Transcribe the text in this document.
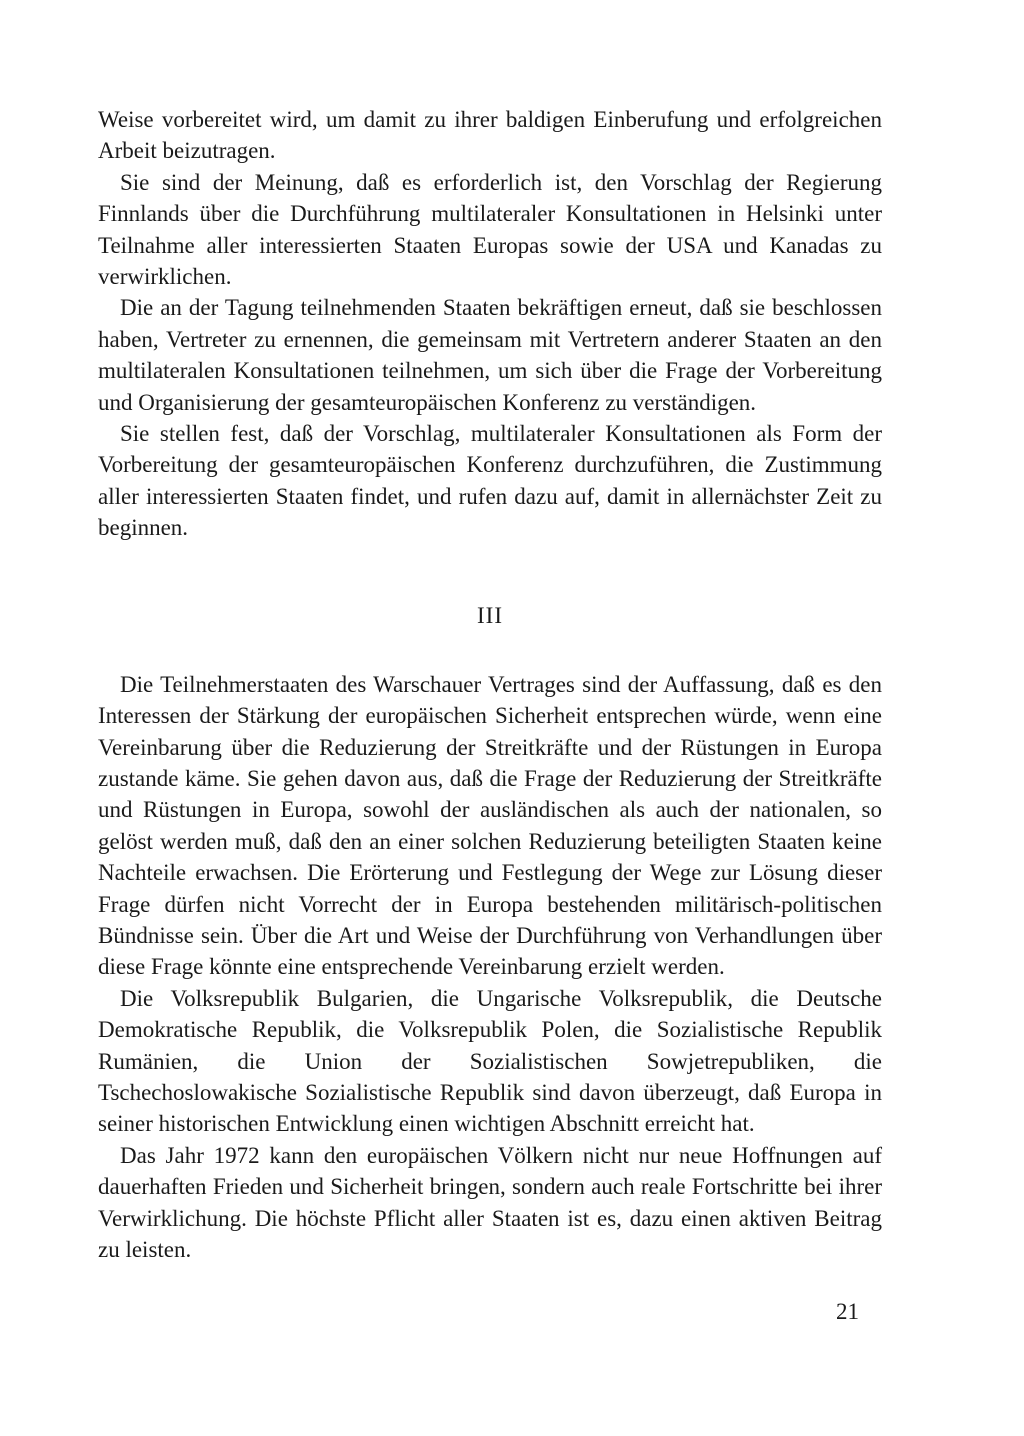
Weise vorbereitet wird, um damit zu ihrer baldigen Einberufung und erfolgreichen Arbeit beizutragen.

Sie sind der Meinung, daß es erforderlich ist, den Vorschlag der Regierung Finnlands über die Durchführung multilateraler Konsultationen in Helsinki unter Teilnahme aller interessierten Staaten Europas sowie der USA und Kanadas zu verwirklichen.

Die an der Tagung teilnehmenden Staaten bekräftigen erneut, daß sie beschlossen haben, Vertreter zu ernennen, die gemeinsam mit Vertretern anderer Staaten an den multilateralen Konsultationen teilnehmen, um sich über die Frage der Vorbereitung und Organisierung der gesamteuropäischen Konferenz zu verständigen.

Sie stellen fest, daß der Vorschlag, multilateraler Konsultationen als Form der Vorbereitung der gesamteuropäischen Konferenz durchzuführen, die Zustimmung aller interessierten Staaten findet, und rufen dazu auf, damit in allernächster Zeit zu beginnen.

III

Die Teilnehmerstaaten des Warschauer Vertrages sind der Auffassung, daß es den Interessen der Stärkung der europäischen Sicherheit entsprechen würde, wenn eine Vereinbarung über die Reduzierung der Streitkräfte und der Rüstungen in Europa zustande käme. Sie gehen davon aus, daß die Frage der Reduzierung der Streitkräfte und Rüstungen in Europa, sowohl der ausländischen als auch der nationalen, so gelöst werden muß, daß den an einer solchen Reduzierung beteiligten Staaten keine Nachteile erwachsen. Die Erörterung und Festlegung der Wege zur Lösung dieser Frage dürfen nicht Vorrecht der in Europa bestehenden militärisch-politischen Bündnisse sein. Über die Art und Weise der Durchführung von Verhandlungen über diese Frage könnte eine entsprechende Vereinbarung erzielt werden.

Die Volksrepublik Bulgarien, die Ungarische Volksrepublik, die Deutsche Demokratische Republik, die Volksrepublik Polen, die Sozialistische Republik Rumänien, die Union der Sozialistischen Sowjetrepubliken, die Tschechoslowakische Sozialistische Republik sind davon überzeugt, daß Europa in seiner historischen Entwicklung einen wichtigen Abschnitt erreicht hat.

Das Jahr 1972 kann den europäischen Völkern nicht nur neue Hoffnungen auf dauerhaften Frieden und Sicherheit bringen, sondern auch reale Fortschritte bei ihrer Verwirklichung. Die höchste Pflicht aller Staaten ist es, dazu einen aktiven Beitrag zu leisten.

21
